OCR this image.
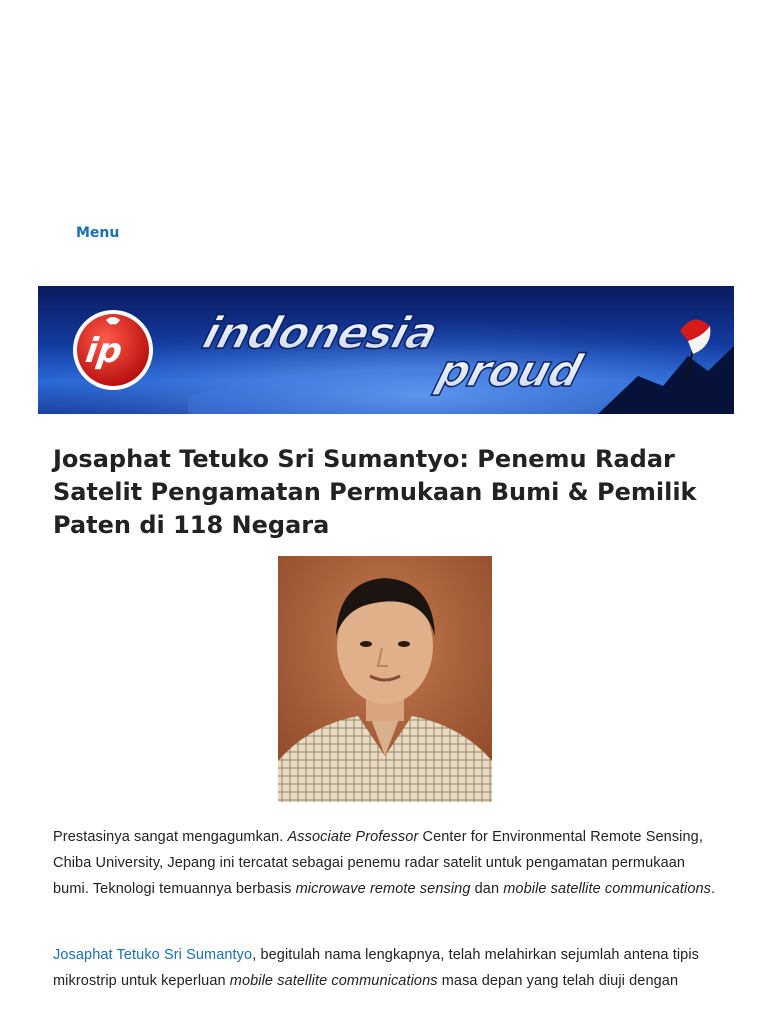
Menu
ip indonesia
proud
Josaphat Tetuko Sri Sumantyo: Penemu Radar Satelit Pengamatan Permukaan Bumi & Pemilik Paten di 118 Negara

Prestasinya sangat mengagumkan. Associate Professor Center for Environmental Remote Sensing, Chiba University, Jepang ini tercatat sebagai penemu radar satelit untuk pengamatan permukaan bumi. Teknologi temuannya berbasis microwave remote sensing dan mobile satellite communications.

Josaphat Tetuko Sri Sumantyo, begitulah nama lengkapnya, telah melahirkan sejumlah antena tipis mikrostrip untuk keperluan mobile satellite communications masa depan yang telah diuji dengan
